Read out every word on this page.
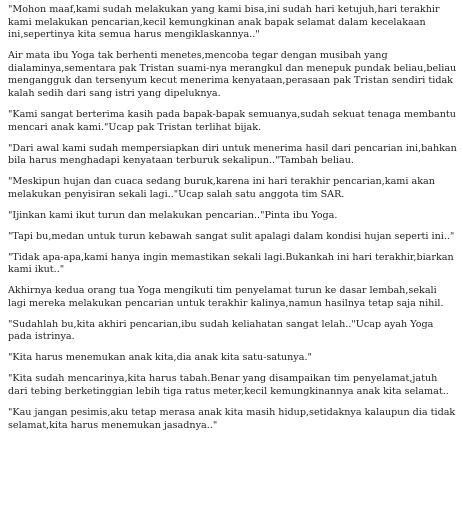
"Mohon maaf,kami sudah melakukan yang kami bisa,ini sudah hari ketujuh,hari terakhir kami melakukan pencarian,kecil kemungkinan anak bapak selamat dalam kecelakaan ini,sepertinya kita semua harus mengiklaskannya.."

Air mata ibu Yoga tak berhenti menetes,mencoba tegar dengan musibah yang dialaminya,sementara pak Tristan suami-nya merangkul dan menepuk pundak beliau,beliau mengangguk dan tersenyum kecut menerima kenyataan,perasaan pak Tristan sendiri tidak kalah sedih dari sang istri yang dipeluknya.

"Kami sangat berterima kasih pada bapak-bapak semuanya,sudah sekuat tenaga membantu mencari anak kami."Ucap pak Tristan terlihat bijak.

"Dari awal kami sudah mempersiapkan diri untuk menerima hasil dari pencarian ini,bahkan bila harus menghadapi kenyataan terburuk sekalipun.."Tambah beliau.

"Meskipun hujan dan cuaca sedang buruk,karena ini hari terakhir pencarian,kami akan melakukan penyisiran sekali lagi.."Ucap salah satu anggota tim SAR.

"Ijinkan kami ikut turun dan melakukan pencarian.."Pinta ibu Yoga.

"Tapi bu,medan untuk turun kebawah sangat sulit apalagi dalam kondisi hujan seperti ini.."

"Tidak apa-apa,kami hanya ingin memastikan sekali lagi.Bukankah ini hari terakhir,biarkan kami ikut.."

Akhirnya kedua orang tua Yoga mengikuti tim penyelamat turun ke dasar lembah,sekali lagi mereka melakukan pencarian untuk terakhir kalinya,namun hasilnya tetap saja nihil.

"Sudahlah bu,kita akhiri pencarian,ibu sudah keliahatan sangat lelah.."Ucap ayah Yoga pada istrinya.

"Kita harus menemukan anak kita,dia anak kita satu-satunya."

"Kita sudah mencarinya,kita harus tabah.Benar yang disampaikan tim penyelamat,jatuh dari tebing berketinggian lebih tiga ratus meter,kecil kemungkinannya anak kita selamat..

"Kau jangan pesimis,aku tetap merasa anak kita masih hidup,setidaknya kalaupun dia tidak selamat,kita harus menemukan jasadnya.."
